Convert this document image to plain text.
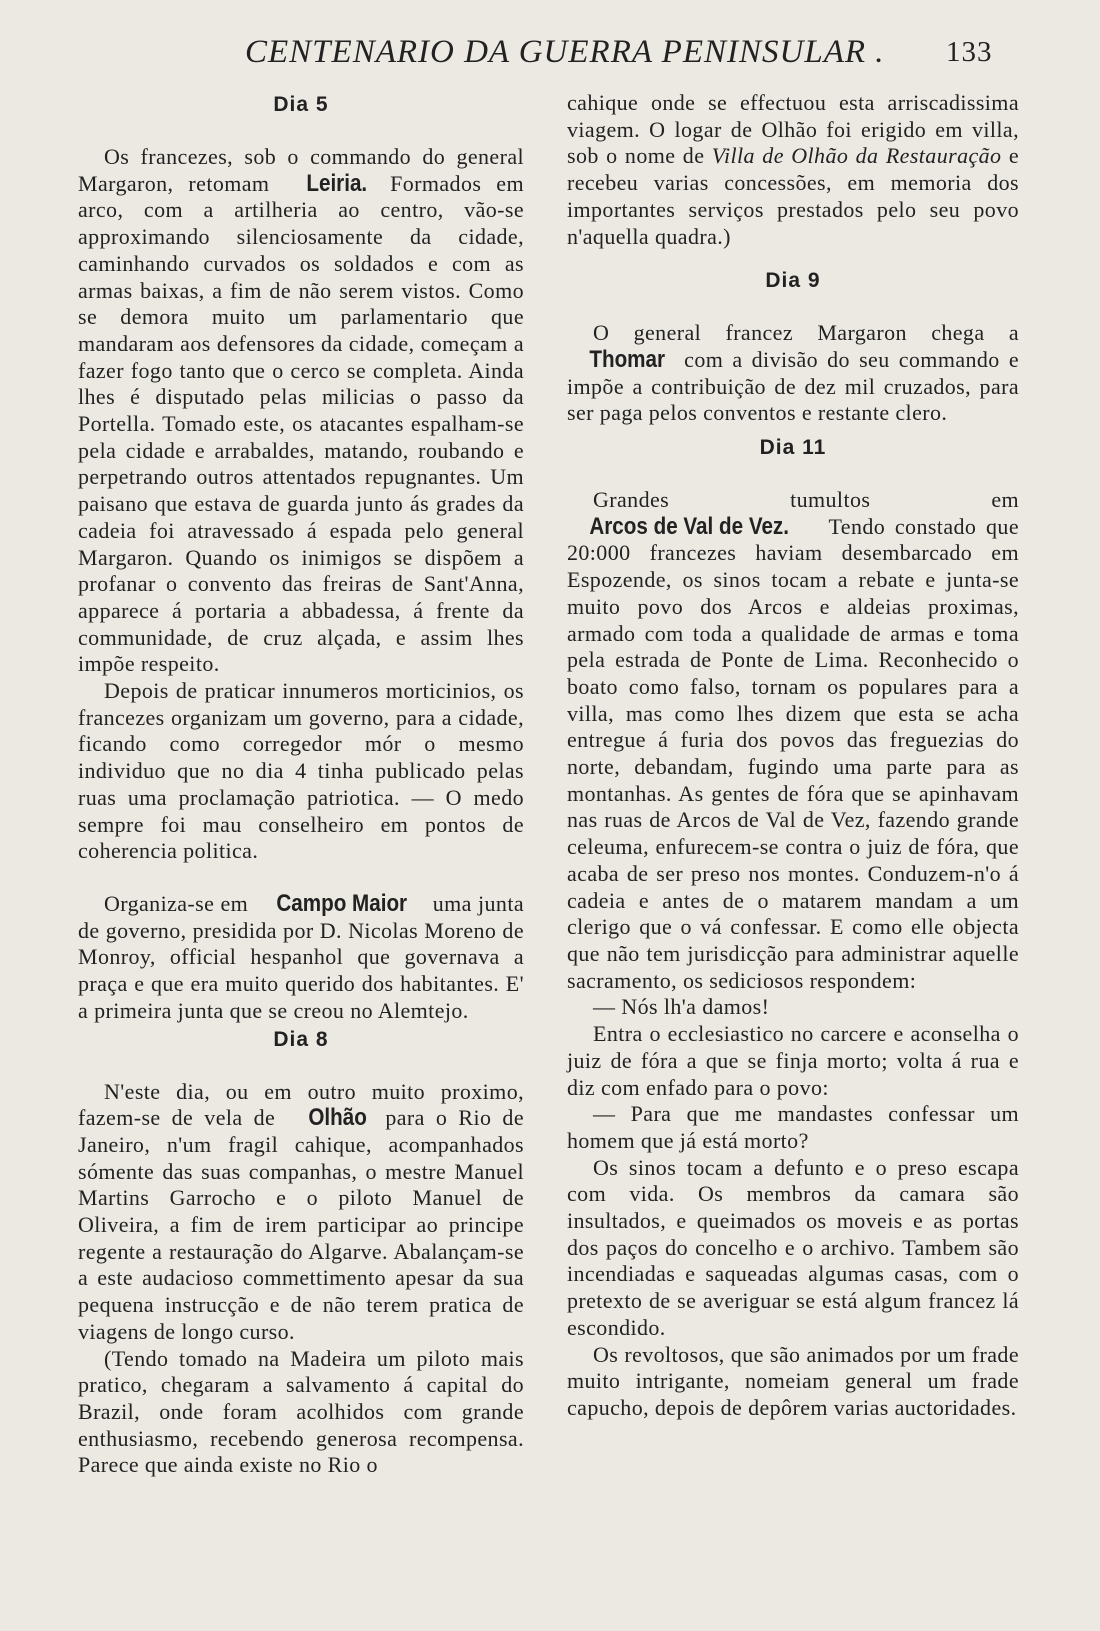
CENTENARIO DA GUERRA PENINSULAR . 133
Dia 5

Os francezes, sob o commando do general Margaron, retomam Leiria. Formados em arco, com a artilheria ao centro, vão-se approximando silenciosamente da cidade, caminhando curvados os soldados e com as armas baixas, a fim de não serem vistos. Como se demora muito um parlamentario que mandaram aos defensores da cidade, começam a fazer fogo tanto que o cerco se completa. Ainda lhes é disputado pelas milicias o passo da Portella. Tomado este, os atacantes espalham-se pela cidade e arrabaldes, matando, roubando e perpetrando outros attentados repugnantes. Um paisano que estava de guarda junto ás grades da cadeia foi atravessado á espada pelo general Margaron. Quando os inimigos se dispõem a profanar o convento das freiras de Sant'Anna, apparece á portaria a abbadessa, á frente da communidade, de cruz alçada, e assim lhes impõe respeito.

Depois de praticar innumeros morticinios, os francezes organizam um governo, para a cidade, ficando como corregedor mór o mesmo individuo que no dia 4 tinha publicado pelas ruas uma proclamação patriotica. — O medo sempre foi mau conselheiro em pontos de coherencia politica.

Organiza-se em Campo Maior uma junta de governo, presidida por D. Nicolas Moreno de Monroy, official hespanhol que governava a praça e que era muito querido dos habitantes. E' a primeira junta que se creou no Alemtejo.

Dia 8

N'este dia, ou em outro muito proximo, fazem-se de vela de Olhão para o Rio de Janeiro, n'um fragil cahique, acompanhados sómente das suas companhas, o mestre Manuel Martins Garrocho e o piloto Manuel de Oliveira, a fim de irem participar ao principe regente a restauração do Algarve. Abalançam-se a este audacioso commettimento apesar da sua pequena instrucção e de não terem pratica de viagens de longo curso.

(Tendo tomado na Madeira um piloto mais pratico, chegaram a salvamento á capital do Brazil, onde foram acolhidos com grande enthusiasmo, recebendo generosa recompensa. Parece que ainda existe no Rio o

cahique onde se effectuou esta arriscadissima viagem. O logar de Olhão foi erigido em villa, sob o nome de Villa de Olhão da Restauração e recebeu varias concessões, em memoria dos importantes serviços prestados pelo seu povo n'aquella quadra.)

Dia 9

O general francez Margaron chega a Thomar com a divisão do seu commando e impõe a contribuição de dez mil cruzados, para ser paga pelos conventos e restante clero.

Dia 11

Grandes tumultos em Arcos de Val de Vez. Tendo constado que 20:000 francezes haviam desembarcado em Espozende, os sinos tocam a rebate e junta-se muito povo dos Arcos e aldeias proximas, armado com toda a qualidade de armas e toma pela estrada de Ponte de Lima. Reconhecido o boato como falso, tornam os populares para a villa, mas como lhes dizem que esta se acha entregue á furia dos povos das freguezias do norte, debandam, fugindo uma parte para as montanhas. As gentes de fóra que se apinhavam nas ruas de Arcos de Val de Vez, fazendo grande celeuma, enfurecem-se contra o juiz de fóra, que acaba de ser preso nos montes. Conduzem-n'o á cadeia e antes de o matarem mandam a um clerigo que o vá confessar. E como elle objecta que não tem jurisdicção para administrar aquelle sacramento, os sediciosos respondem:

— Nós lh'a damos!

Entra o ecclesiastico no carcere e aconselha o juiz de fóra a que se finja morto; volta á rua e diz com enfado para o povo:

— Para que me mandastes confessar um homem que já está morto?

Os sinos tocam a defunto e o preso escapa com vida. Os membros da camara são insultados, e queimados os moveis e as portas dos paços do concelho e o archivo. Tambem são incendiadas e saqueadas algumas casas, com o pretexto de se averiguar se está algum francez lá escondido.

Os revoltosos, que são animados por um frade muito intrigante, nomeiam general um frade capucho, depois de depôrem varias auctoridades.
